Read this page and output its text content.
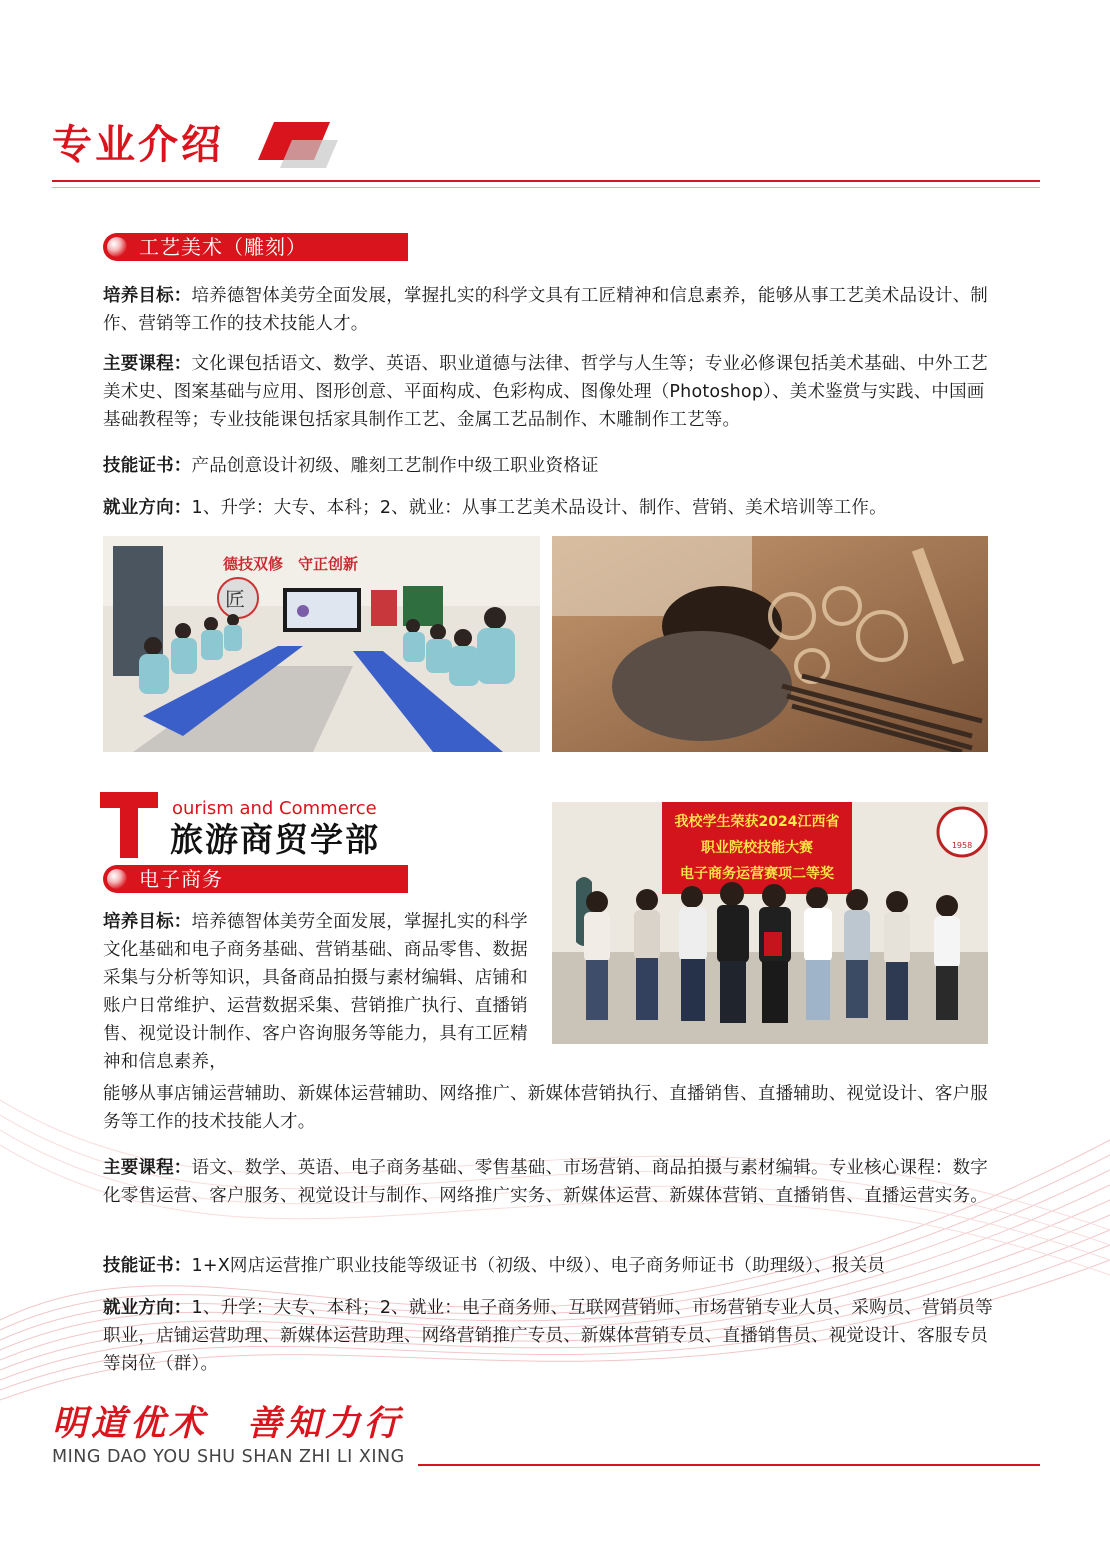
专业介绍
工艺美术（雕刻）
培养目标：培养德智体美劳全面发展，掌握扎实的科学文具有工匠精神和信息素养，能够从事工艺美术品设计、制作、营销等工作的技术技能人才。
主要课程：文化课包括语文、数学、英语、职业道德与法律、哲学与人生等；专业必修课包括美术基础、中外工艺美术史、图案基础与应用、图形创意、平面构成、色彩构成、图像处理（Photoshop）、美术鉴赏与实践、中国画基础教程等；专业技能课包括家具制作工艺、金属工艺品制作、木雕制作工艺等。
技能证书：产品创意设计初级、雕刻工艺制作中级工职业资格证
就业方向：1、升学：大专、本科；2、就业：从事工艺美术品设计、制作、营销、美术培训等工作。
匠
德技双修　守正创新
ourism and Commerce
旅游商贸学部
电子商务
我校学生荣获2024江西省
职业院校技能大赛
电子商务运营赛项二等奖
1958
培养目标：培养德智体美劳全面发展，掌握扎实的科学文化基础和电子商务基础、营销基础、商品零售、数据采集与分析等知识，具备商品拍摄与素材编辑、店铺和账户日常维护、运营数据采集、营销推广执行、直播销售、视觉设计制作、客户咨询服务等能力，具有工匠精神和信息素养，
能够从事店铺运营辅助、新媒体运营辅助、网络推广、新媒体营销执行、直播销售、直播辅助、视觉设计、客户服务等工作的技术技能人才。
主要课程：语文、数学、英语、电子商务基础、零售基础、市场营销、商品拍摄与素材编辑。专业核心课程：数字化零售运营、客户服务、视觉设计与制作、网络推广实务、新媒体运营、新媒体营销、直播销售、直播运营实务。
技能证书：1+X网店运营推广职业技能等级证书（初级、中级）、电子商务师证书（助理级）、报关员
就业方向：1、升学：大专、本科；2、就业：电子商务师、互联网营销师、市场营销专业人员、采购员、营销员等职业，店铺运营助理、新媒体运营助理、网络营销推广专员、新媒体营销专员、直播销售员、视觉设计、客服专员等岗位（群）。
明道优术　善知力行
MING DAO YOU SHU SHAN ZHI LI XING
